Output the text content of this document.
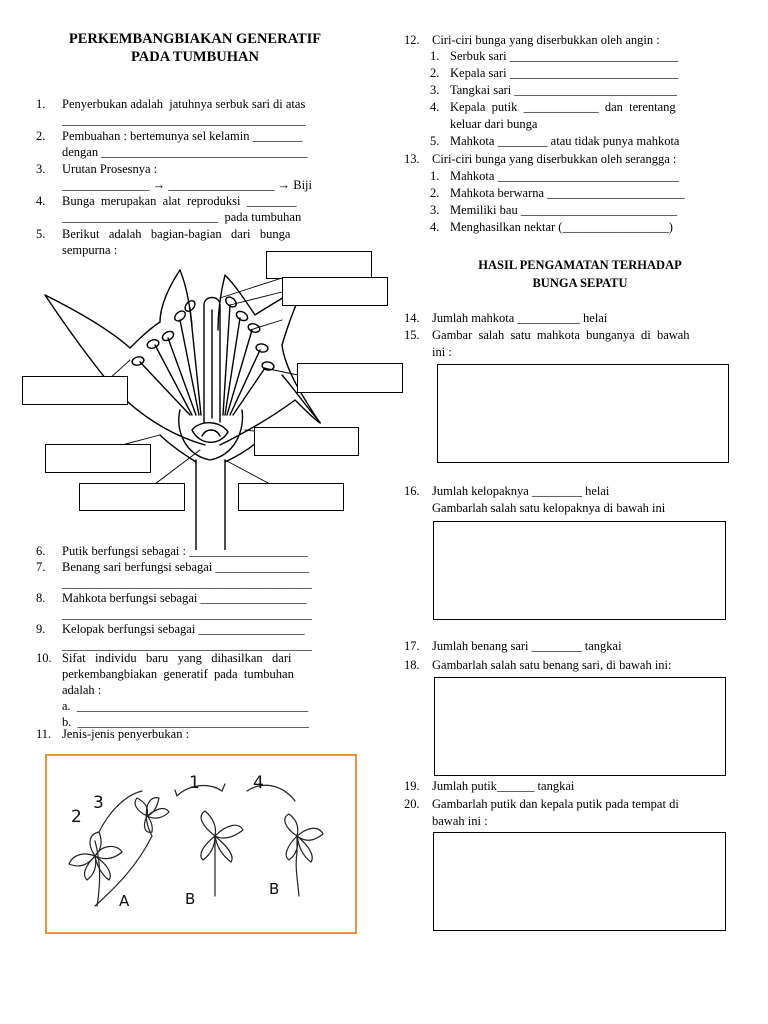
PERKEMBANGBIAKAN GENERATIF
PADA TUMBUHAN
1. Penyerbukan adalah  jatuhnya serbuk sari di atas
_______________________________________
2. Pembuahan : bertemunya sel kelamin ________
dengan _________________________________
3. Urutan Prosesnya :
______________ → _________________ → Biji
4. Bunga  merupakan  alat  reproduksi  ________
_________________________  pada tumbuhan
5. Berikut   adalah   bagian-bagian   dari   bunga
sempurna :
6. Putik berfungsi sebagai : ___________________
7. Benang sari berfungsi sebagai _______________
________________________________________
8. Mahkota berfungsi sebagai _________________
________________________________________
9. Kelopak berfungsi sebagai _________________
________________________________________
10. Sifat   individu   baru   yang   dihasilkan   dari
perkembangbiakan  generatif  pada  tumbuhan
adalah :
a.  _____________________________________
b.  _____________________________________
11. Jenis-jenis penyerbukan :
1	4
3
2
A	B
B
12. Ciri-ciri bunga yang diserbukkan oleh angin :
1. Serbuk sari ___________________________
2. Kepala sari ___________________________
3. Tangkai sari __________________________
4. Kepala  putik  ____________  dan  terentang
keluar dari bunga
5. Mahkota ________ atau tidak punya mahkota
13. Ciri-ciri bunga yang diserbukkan oleh serangga :
1. Mahkota _____________________________
2. Mahkota berwarna ______________________
3. Memiliki bau _________________________
4. Menghasilkan nektar (_________________)
HASIL PENGAMATAN TERHADAP
BUNGA SEPATU
14. Jumlah mahkota __________ helai
15. Gambar  salah  satu  mahkota  bunganya  di  bawah
ini :
16. Jumlah kelopaknya ________ helai
Gambarlah salah satu kelopaknya di bawah ini
17. Jumlah benang sari ________ tangkai
18. Gambarlah salah satu benang sari, di bawah ini:
19. Jumlah putik______ tangkai
20. Gambarlah putik dan kepala putik pada tempat di
bawah ini :
